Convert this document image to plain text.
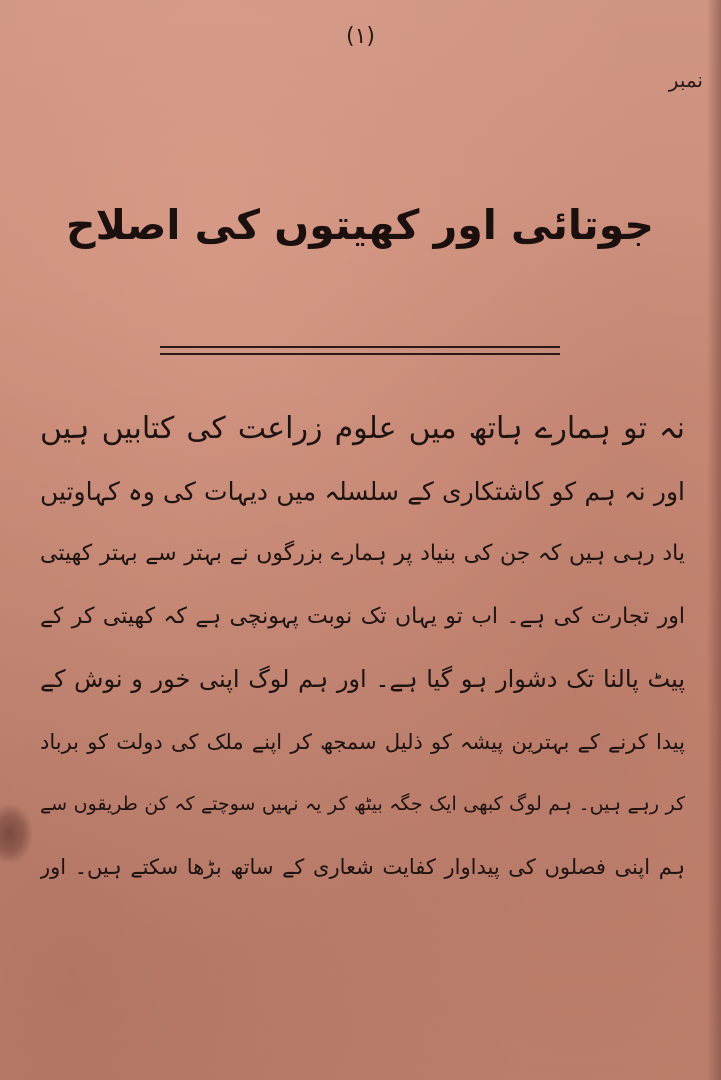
(۱)
نمبر
جوتائی اور کھیتوں کی اصلاح
نہ تو ہمارے ہاتھ میں علوم زراعت کی کتابیں ہیں
اور نہ ہم کو کاشتکاری کے سلسلہ میں دیہات کی وہ کہاوتیں
یاد رہی ہیں کہ جن کی بنیاد پر ہمارے بزرگوں نے بہتر سے بہتر کھیتی
اور تجارت کی ہے۔ اب تو یہاں تک نوبت پہونچی ہے کہ کھیتی کر کے
پیٹ پالنا تک دشوار ہو گیا ہے۔ اور ہم لوگ اپنی خور و نوش کے
پیدا کرنے کے بہترین پیشہ کو ذلیل سمجھ کر اپنے ملک کی دولت کو برباد
کر رہے ہیں۔ ہم لوگ کبھی ایک جگہ بیٹھ کر یہ نہیں سوچتے کہ کن طریقوں سے
ہم اپنی فصلوں کی پیداوار کفایت شعاری کے ساتھ بڑھا سکتے ہیں۔ اور
